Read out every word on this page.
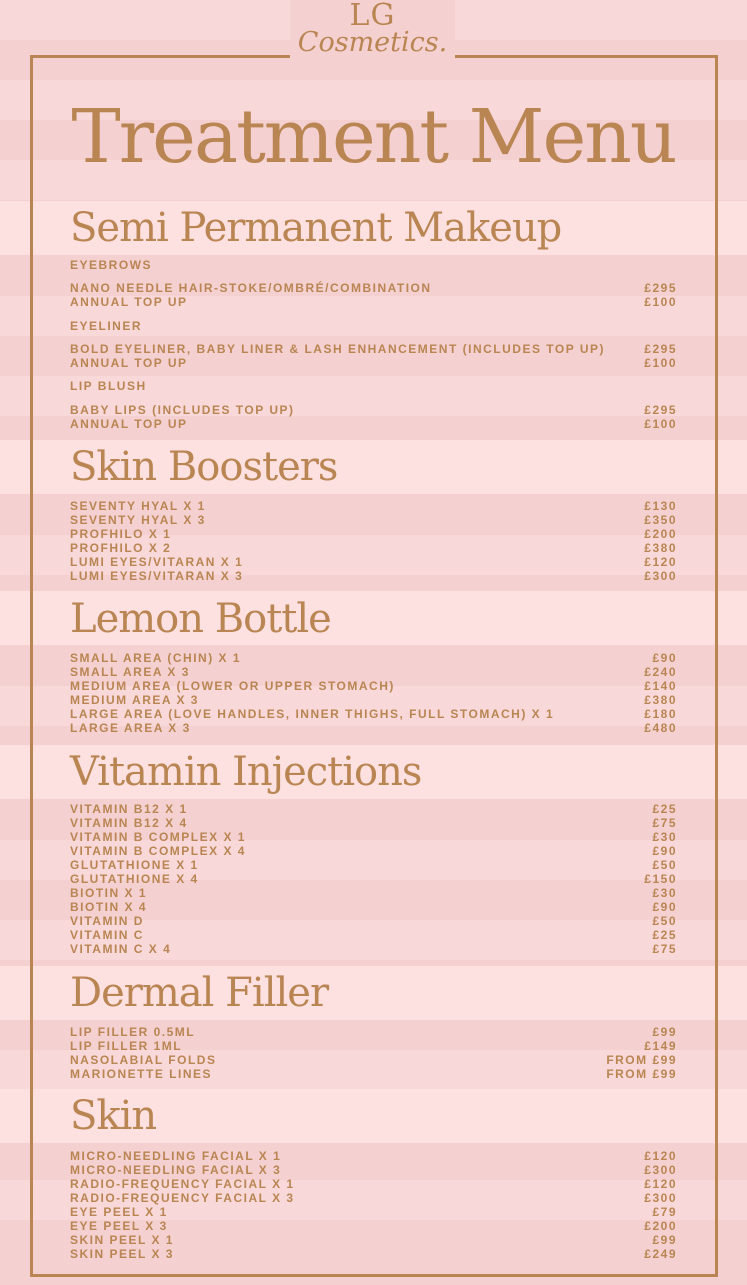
LG
Cosmetics.
Treatment Menu
Semi Permanent Makeup
EYEBROWS
NANO NEEDLE HAIR-STOKE/OMBRÉ/COMBINATION	£295
ANNUAL TOP UP	£100
EYELINER
BOLD EYELINER, BABY LINER & LASH ENHANCEMENT (INCLUDES TOP UP)	£295
ANNUAL TOP UP	£100
LIP BLUSH
BABY LIPS (INCLUDES TOP UP)	£295
ANNUAL TOP UP	£100
Skin Boosters
SEVENTY HYAL X 1	£130
SEVENTY HYAL X 3	£350
PROFHILO X 1	£200
PROFHILO X 2	£380
LUMI EYES/VITARAN X 1	£120
LUMI EYES/VITARAN X 3	£300
Lemon Bottle
SMALL AREA (CHIN) X 1	£90
SMALL AREA X 3	£240
MEDIUM AREA (LOWER OR UPPER STOMACH)	£140
MEDIUM AREA X 3	£380
LARGE AREA (LOVE HANDLES, INNER THIGHS, FULL STOMACH) X 1	£180
LARGE AREA X 3	£480
Vitamin Injections
VITAMIN B12 X 1	£25
VITAMIN B12 X 4	£75
VITAMIN B COMPLEX X 1	£30
VITAMIN B COMPLEX X 4	£90
GLUTATHIONE X 1	£50
GLUTATHIONE X 4	£150
BIOTIN X 1	£30
BIOTIN X 4	£90
VITAMIN D	£50
VITAMIN C	£25
VITAMIN C X 4	£75
Dermal Filler
LIP FILLER 0.5ML	£99
LIP FILLER 1ML	£149
NASOLABIAL FOLDS	FROM £99
MARIONETTE LINES	FROM £99
Skin
MICRO-NEEDLING FACIAL X 1	£120
MICRO-NEEDLING FACIAL X 3	£300
RADIO-FREQUENCY FACIAL X 1	£120
RADIO-FREQUENCY FACIAL X 3	£300
EYE PEEL X 1	£79
EYE PEEL X 3	£200
SKIN PEEL X 1	£99
SKIN PEEL X 3	£249
